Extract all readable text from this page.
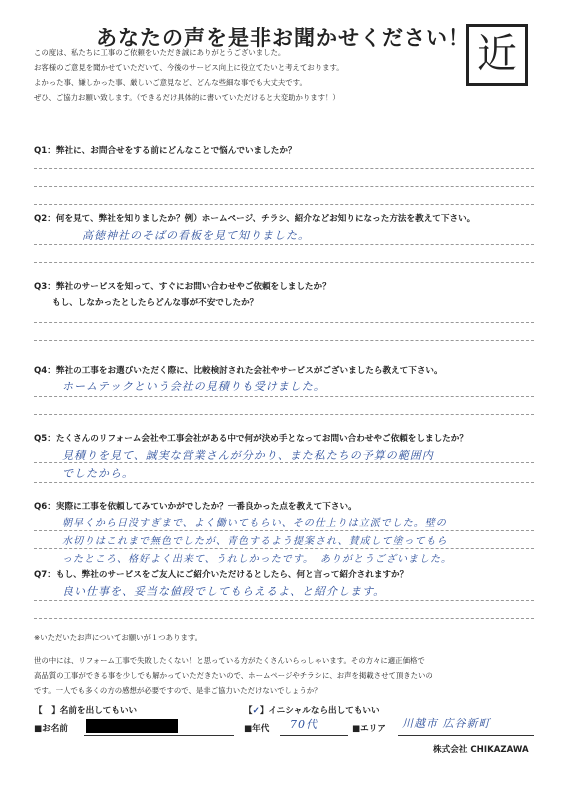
あなたの声を是非お聞かせください！ 近
この度は、私たちに工事のご依頼をいただき誠にありがとうございました。
お客様のご意見を聞かせていただいて、今後のサービス向上に役立てたいと考えております。
よかった事、嫌しかった事、厳しいご意見など、どんな些細な事でも大丈夫です。
ぜひ、ご協力お願い致します。（できるだけ具体的に書いていただけると大変助かります！）
Q1：弊社に、お問合せをする前にどんなことで悩んでいましたか？
Q2：何を見て、弊社を知りましたか？例）ホームページ、チラシ、紹介などお知りになった方法を教えて下さい。
高徳神社のそばの看板を見て知りました。
Q3：弊社のサービスを知って、すぐにお問い合わせやご依頼をしましたか？
もし、しなかったとしたらどんな事が不安でしたか？
Q4：弊社の工事をお選びいただく際に、比較検討された会社やサービスがございましたら教えて下さい。
ホームテックという会社の見積りも受けました。
Q5：たくさんのリフォーム会社や工事会社がある中で何が決め手となってお問い合わせやご依頼をしましたか？
見積りを見て、誠実な営業さんが分かり、また私たちの予算の範囲内
でしたから。
Q6：実際に工事を依頼してみていかがでしたか？一番良かった点を教えて下さい。
朝早くから日没すぎまで、よく働いてもらい、その仕上りは立派でした。壁の
水切りはこれまで無色でしたが、青色するよう提案され、賛成して塗ってもら
ったところ、格好よく出来て、うれしかったです。　ありがとうございました。
Q7：もし、弊社のサービスをご友人にご紹介いただけるとしたら、何と言って紹介されますか？
良い仕事を、妥当な値段でしてもらえるよ、と紹介します。
※いただいたお声についてお願いが１つあります。
世の中には、リフォーム工事で失敗したくない！と思っている方がたくさんいらっしゃいます。その方々に適正価格で
高品質の工事ができる事を少しでも解かっていただきたいので、ホームページやチラシに、お声を掲載させて頂きたいの
です。一人でも多くの方の感想が必要ですので、是非ご協力いただけないでしょうか？
【　】名前を出してもいい	【✓】イニシャルなら出してもいい
■お名前	■年代 70代	■エリア 川越市 広谷新町
株式会社 CHIKAZAWA
